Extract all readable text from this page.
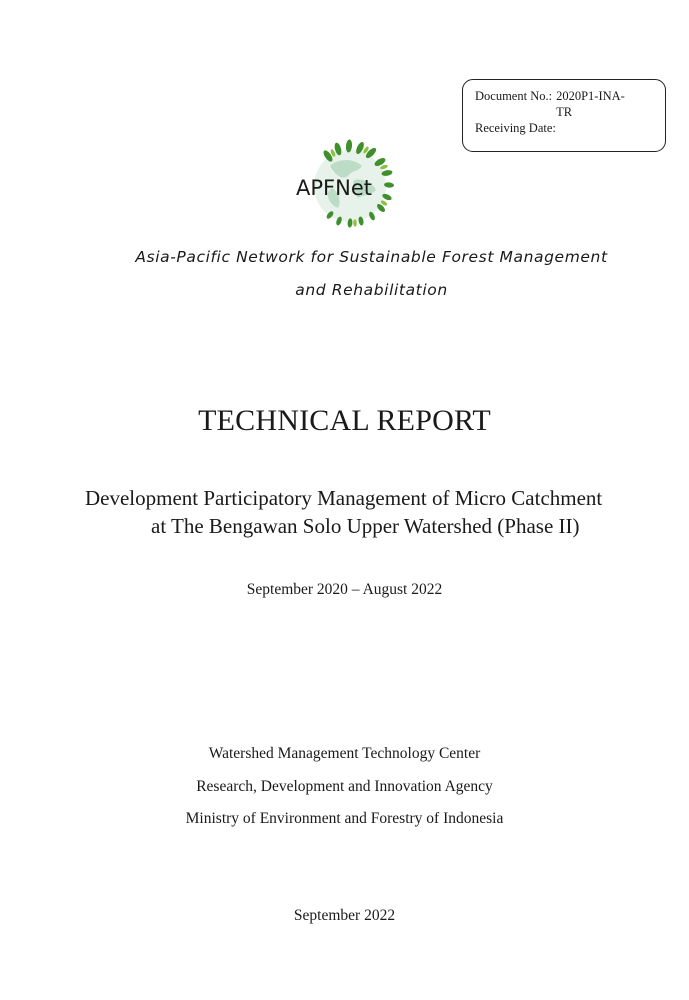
Document No.: 2020P1-INA-TR
Receiving Date:
APFNet
Asia-Pacific Network for Sustainable Forest Management
and Rehabilitation
TECHNICAL REPORT
Development Participatory Management of Micro Catchment
at The Bengawan Solo Upper Watershed (Phase II)
September 2020 – August 2022
Watershed Management Technology Center
Research, Development and Innovation Agency
Ministry of Environment and Forestry of Indonesia
September 2022
